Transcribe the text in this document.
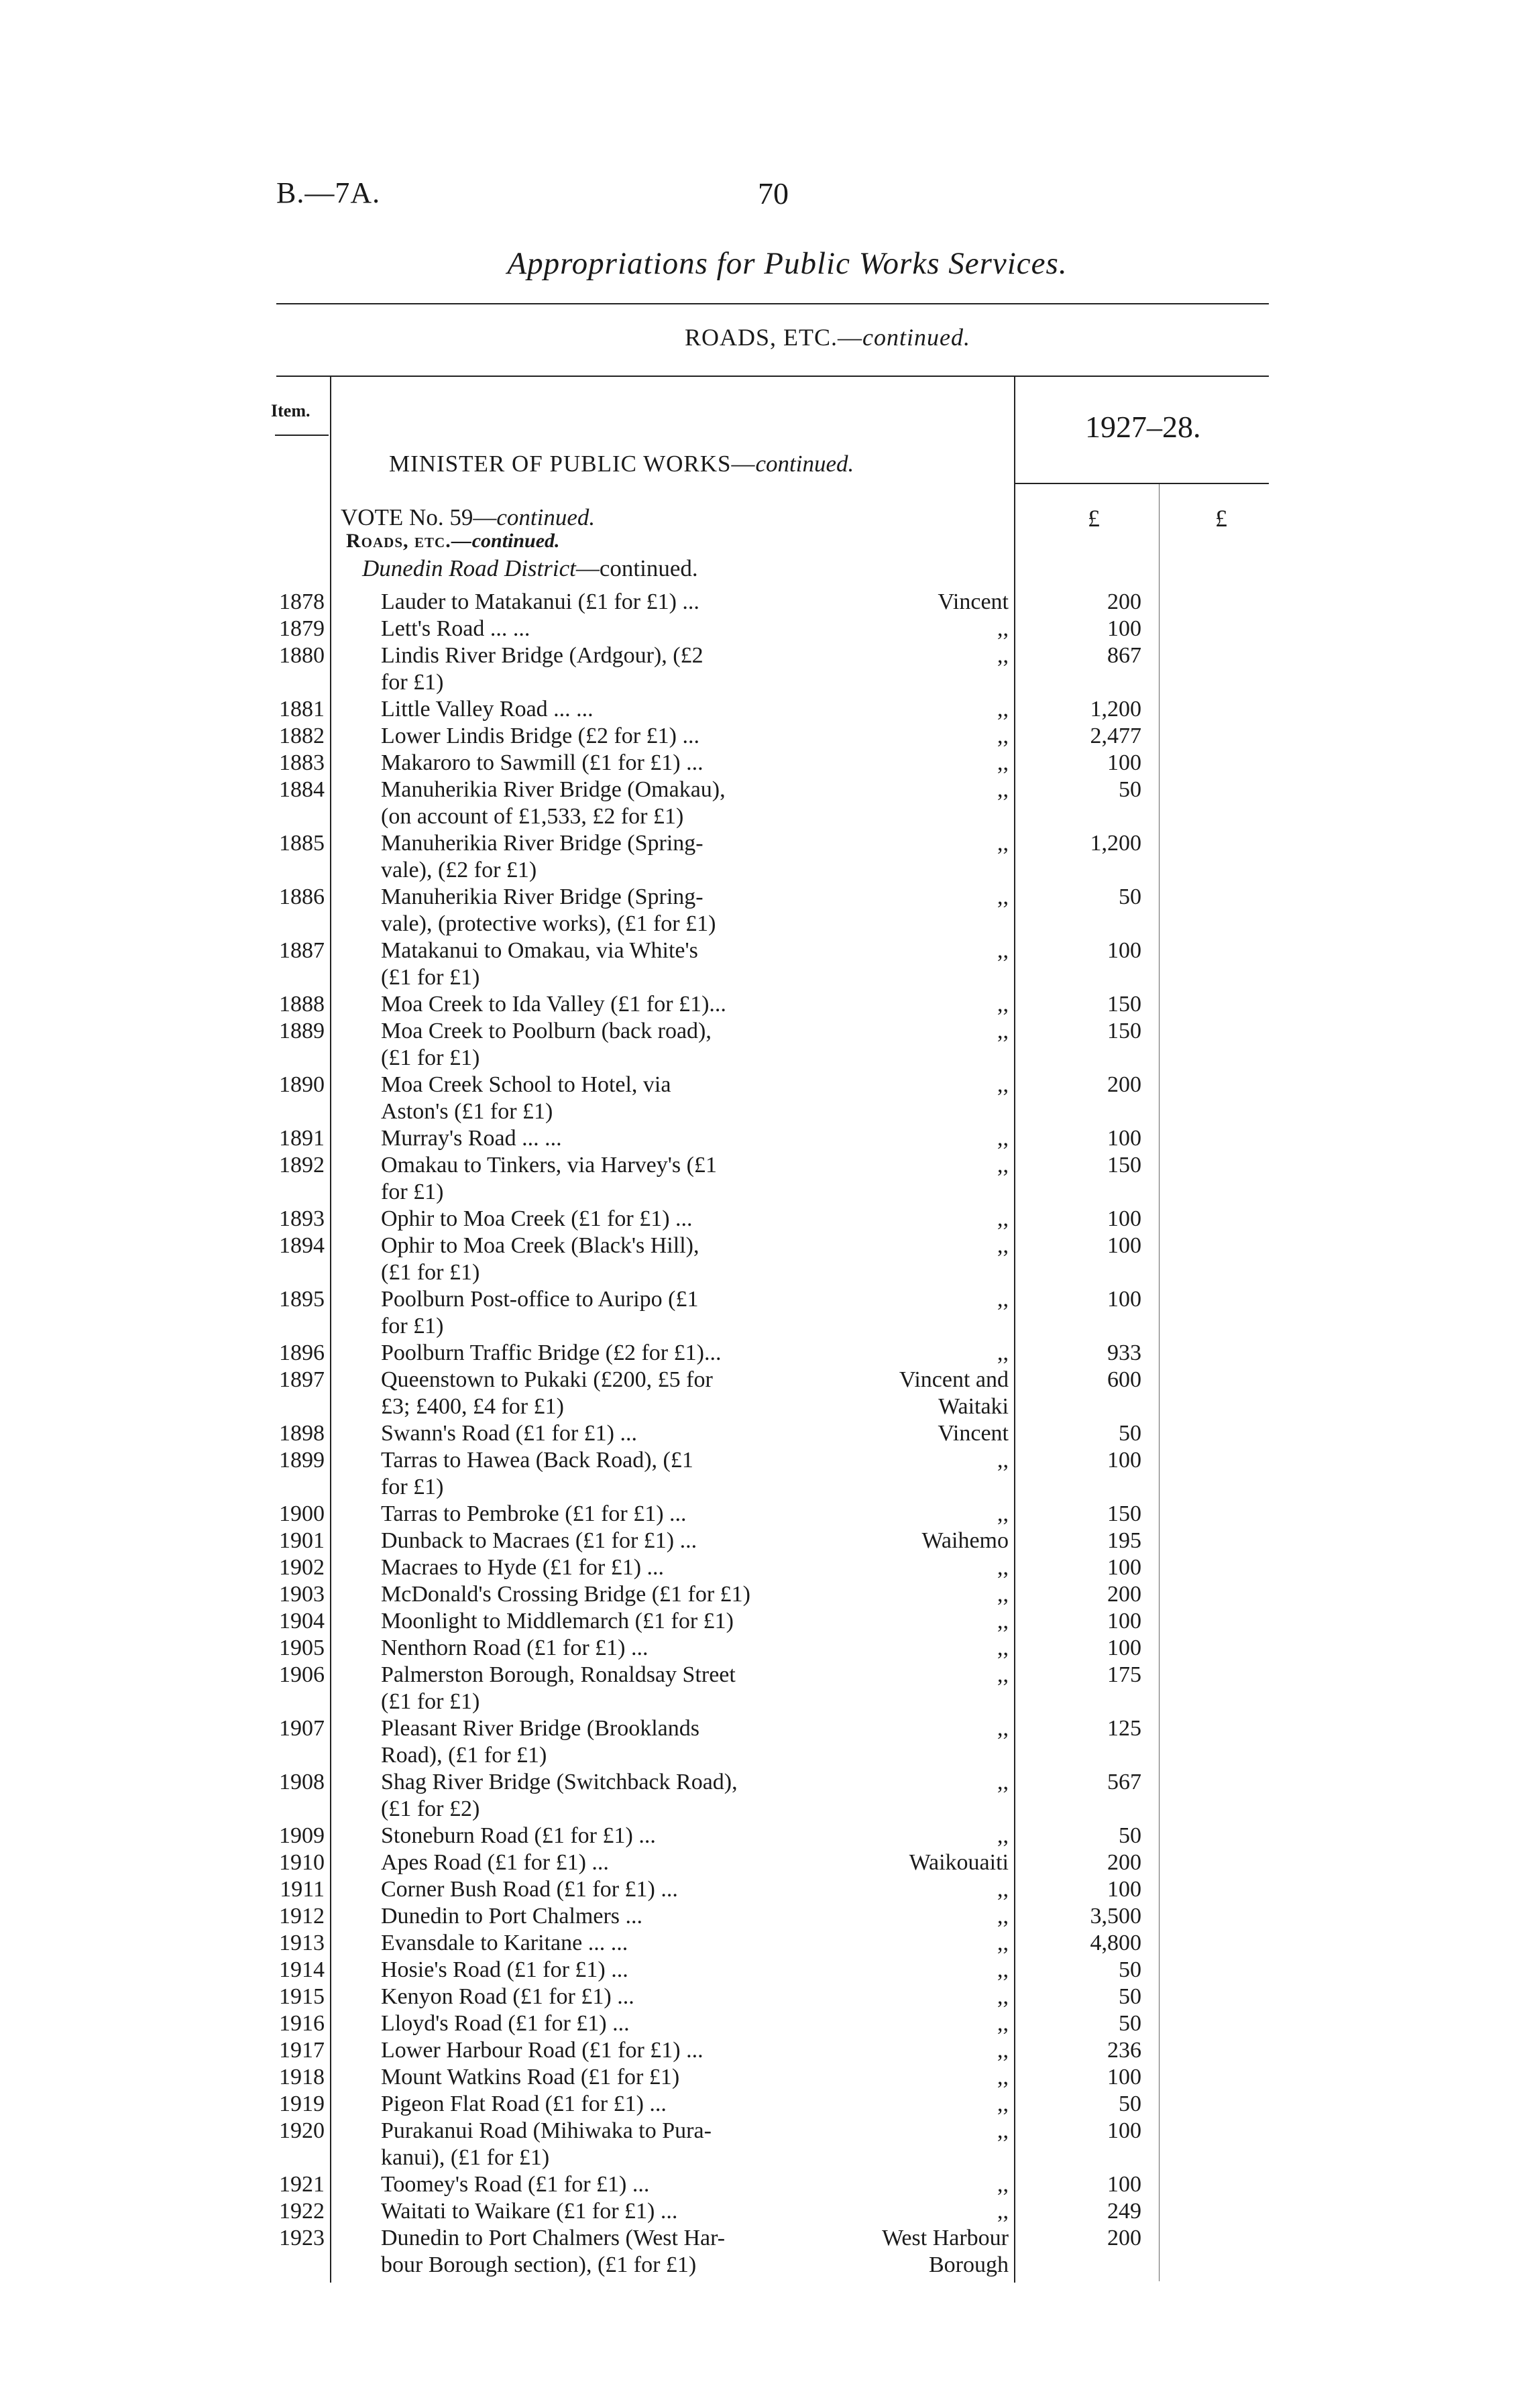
B.—7A.	70
Appropriations for Public Works Services.
ROADS, ETC.—continued.
Item.	1927–28.
MINISTER OF PUBLIC WORKS—continued.
£	£
VOTE No. 59—continued.
Roads, etc.—continued.
Dunedin Road District—continued.
1878 Lauder to Matakanui (£1 for £1) ...	Vincent	200
1879 Lett's Road ... ...	,,	100
1880 Lindis River Bridge (Ardgour), (£2
for £1)
,,	867
1881 Little Valley Road ... ...	,,	1,200
1882 Lower Lindis Bridge (£2 for £1) ...	,,	2,477
1883 Makaroro to Sawmill (£1 for £1) ...	,,	100
1884 Manuherikia River Bridge (Omakau),
(on account of £1,533, £2 for £1)
,,	50
1885 Manuherikia River Bridge (Spring-
vale), (£2 for £1)
,,	1,200
1886 Manuherikia River Bridge (Spring-
vale), (protective works), (£1 for £1)
,,	50
1887 Matakanui to Omakau, via White's
(£1 for £1)
,,	100
1888 Moa Creek to Ida Valley (£1 for £1)...	,,	150
1889 Moa Creek to Poolburn (back road),
(£1 for £1)
,,	150
1890 Moa Creek School to Hotel, via
Aston's (£1 for £1)
,,	200
1891 Murray's Road ... ...	,,	100
1892 Omakau to Tinkers, via Harvey's (£1
for £1)
,,	150
1893 Ophir to Moa Creek (£1 for £1) ...	,,	100
1894 Ophir to Moa Creek (Black's Hill),
(£1 for £1)
,,	100
1895 Poolburn Post-office to Auripo (£1
for £1)
,,	100
1896 Poolburn Traffic Bridge (£2 for £1)...	,,	933
1897 Queenstown to Pukaki (£200, £5 for
£3; £400, £4 for £1)
Vincent and
Waitaki
600
1898 Swann's Road (£1 for £1) ...	Vincent	50
1899 Tarras to Hawea (Back Road), (£1
for £1)
,,	100
1900 Tarras to Pembroke (£1 for £1) ...	,,	150
1901 Dunback to Macraes (£1 for £1) ...	Waihemo	195
1902 Macraes to Hyde (£1 for £1) ...	,,	100
1903 McDonald's Crossing Bridge (£1 for £1)	,,	200
1904 Moonlight to Middlemarch (£1 for £1)	,,	100
1905 Nenthorn Road (£1 for £1) ...	,,	100
1906 Palmerston Borough, Ronaldsay Street
(£1 for £1)
,,	175
1907 Pleasant River Bridge (Brooklands
Road), (£1 for £1)
,,	125
1908 Shag River Bridge (Switchback Road),
(£1 for £2)
,,	567
1909 Stoneburn Road (£1 for £1) ...	,,	50
1910 Apes Road (£1 for £1) ...	Waikouaiti	200
1911 Corner Bush Road (£1 for £1) ...	,,	100
1912 Dunedin to Port Chalmers ...	,,	3,500
1913 Evansdale to Karitane ... ...	,,	4,800
1914 Hosie's Road (£1 for £1) ...	,,	50
1915 Kenyon Road (£1 for £1) ...	,,	50
1916 Lloyd's Road (£1 for £1) ...	,,	50
1917 Lower Harbour Road (£1 for £1) ...	,,	236
1918 Mount Watkins Road (£1 for £1)	,,	100
1919 Pigeon Flat Road (£1 for £1) ...	,,	50
1920 Purakanui Road (Mihiwaka to Pura-
kanui), (£1 for £1)
,,	100
1921 Toomey's Road (£1 for £1) ...	,,	100
1922 Waitati to Waikare (£1 for £1) ...	,,	249
1923 Dunedin to Port Chalmers (West Har-
bour Borough section), (£1 for £1)
West Harbour
Borough
200
